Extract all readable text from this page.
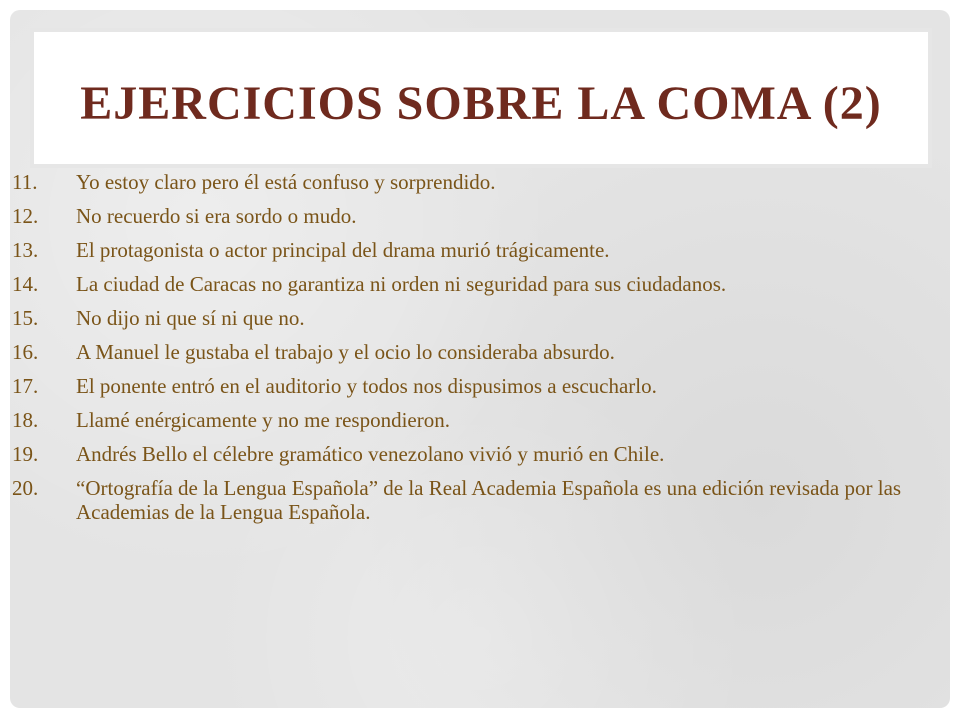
EJERCICIOS SOBRE LA COMA (2)
11.	Yo estoy claro pero él está confuso y sorprendido.
12.	No recuerdo si era sordo o mudo.
13.	El protagonista o actor principal del drama murió trágicamente.
14.	La ciudad de Caracas no garantiza ni orden ni seguridad para sus ciudadanos.
15.	No dijo ni que sí ni que no.
16.	A Manuel le gustaba el trabajo y el ocio lo consideraba absurdo.
17.	El ponente entró en el auditorio y todos nos dispusimos a escucharlo.
18.	Llamé enérgicamente y no me respondieron.
19.	Andrés Bello el célebre gramático venezolano vivió y murió en Chile.
20.	“Ortografía de la Lengua Española” de la Real Academia Española es una edición revisada por las Academias de la Lengua Española.
